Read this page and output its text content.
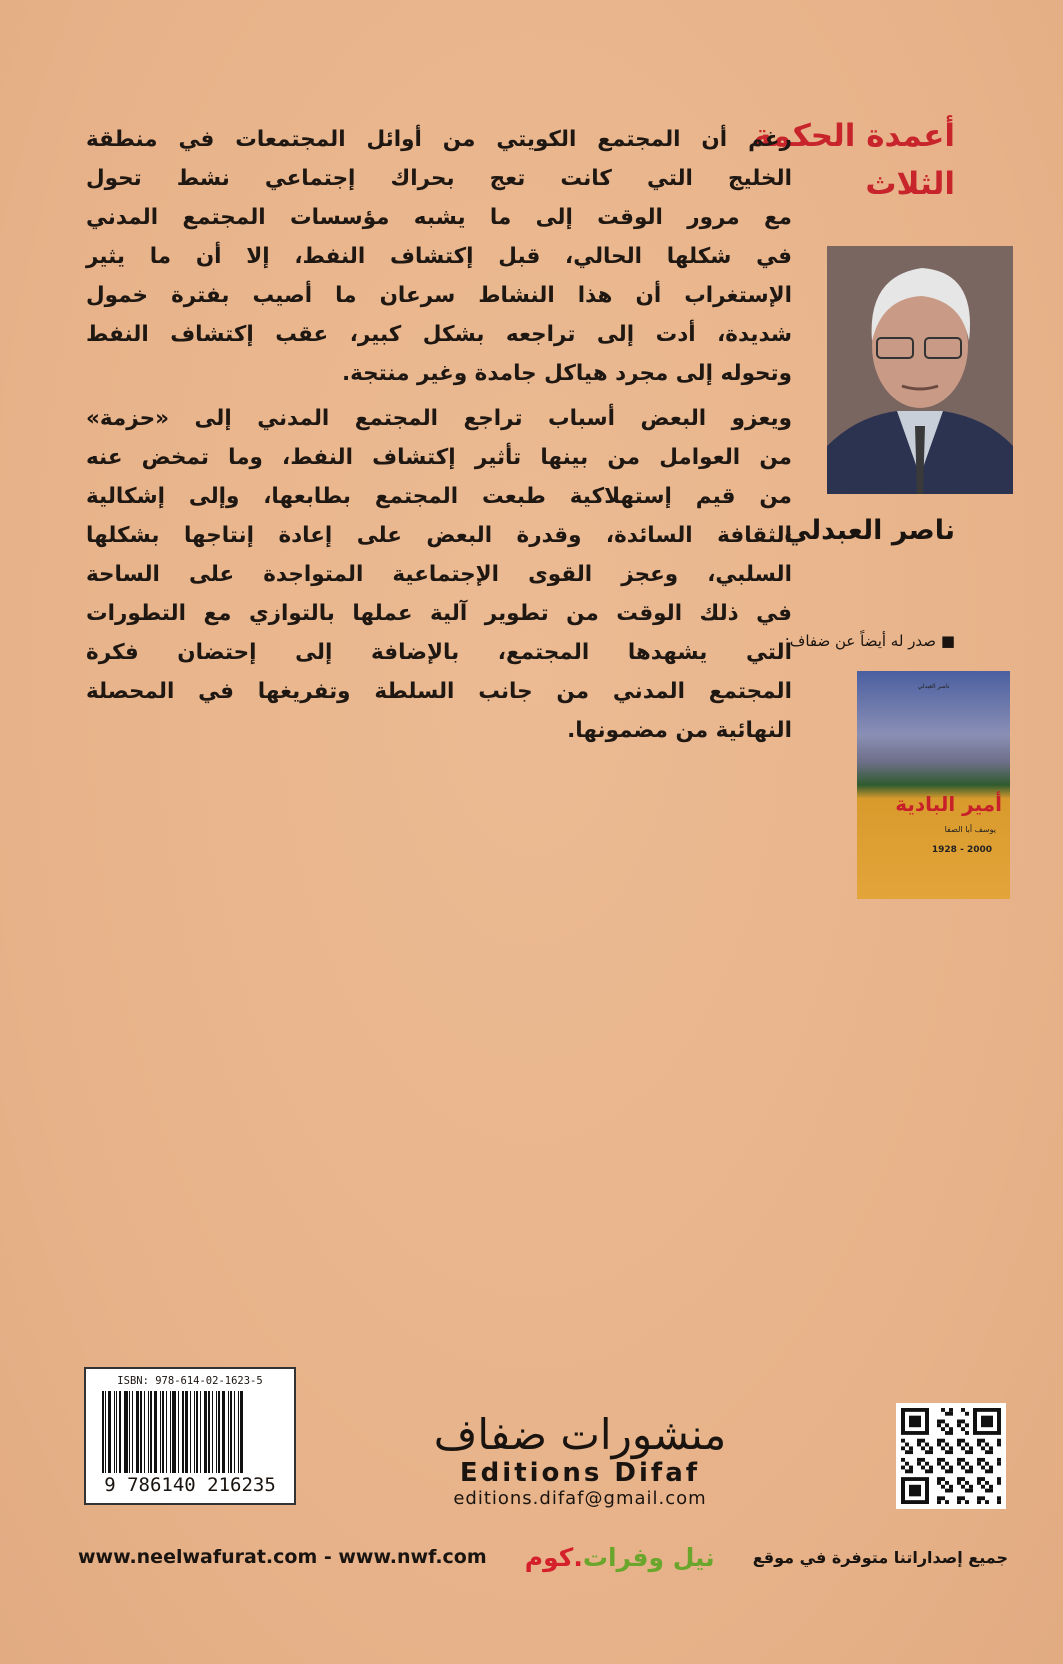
أعمدة الحكمة
الثلاث
ناصر العبدلي
■ صدر له أيضاً عن ضفاف:
ناصر العبدلي
أمير البادية
يوسف أبا الصفا
1928 - 2000
رغم أن المجتمع الكويتي من أوائل المجتمعات في منطقة
الخليج التي كانت تعج بحراك إجتماعي نشط تحول
مع مرور الوقت إلى ما يشبه مؤسسات المجتمع المدني
في شكلها الحالي، قبل إكتشاف النفط، إلا أن ما يثير
الإستغراب أن هذا النشاط سرعان ما أصيب بفترة خمول
شديدة، أدت إلى تراجعه بشكل كبير، عقب إكتشاف النفط
وتحوله إلى مجرد هياكل جامدة وغير منتجة.
ويعزو البعض أسباب تراجع المجتمع المدني إلى «حزمة»
من العوامل من بينها تأثير إكتشاف النفط، وما تمخض عنه
من قيم إستهلاكية طبعت المجتمع بطابعها، وإلى إشكالية
الثقافة السائدة، وقدرة البعض على إعادة إنتاجها بشكلها
السلبي، وعجز القوى الإجتماعية المتواجدة على الساحة
في ذلك الوقت من تطوير آلية عملها بالتوازي مع التطورات
التي يشهدها المجتمع، بالإضافة إلى إحتضان فكرة
المجتمع المدني من جانب السلطة وتفريغها في المحصلة
النهائية من مضمونها.
ISBN: 978-614-02-1623-5
9 786140 216235
منشورات ضفاف
Editions Difaf
editions.difaf@gmail.com
www.neelwafurat.com - www.nwf.com	نيل وفرات.كوم	جميع إصداراتنا متوفرة في موقع
